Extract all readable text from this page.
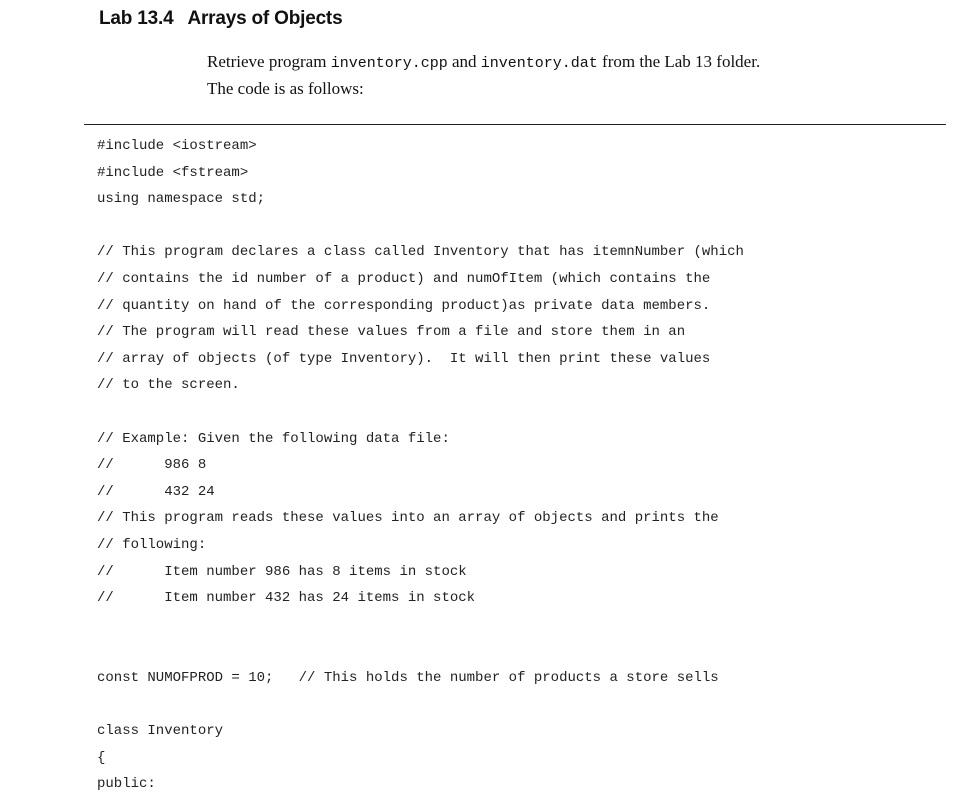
Lab 13.4 Arrays of Objects
Retrieve program inventory.cpp and inventory.dat from the Lab 13 folder.
The code is as follows:
#include <iostream>
#include <fstream>
using namespace std;
// This program declares a class called Inventory that has itemnNumber (which
// contains the id number of a product) and numOfItem (which contains the
// quantity on hand of the corresponding product)as private data members.
// The program will read these values from a file and store them in an
// array of objects (of type Inventory).  It will then print these values
// to the screen.
// Example: Given the following data file:
//      986 8
//      432 24
// This program reads these values into an array of objects and prints the
// following:
//      Item number 986 has 8 items in stock
//      Item number 432 has 24 items in stock
const NUMOFPROD = 10;   // This holds the number of products a store sells
class Inventory
{
public:
